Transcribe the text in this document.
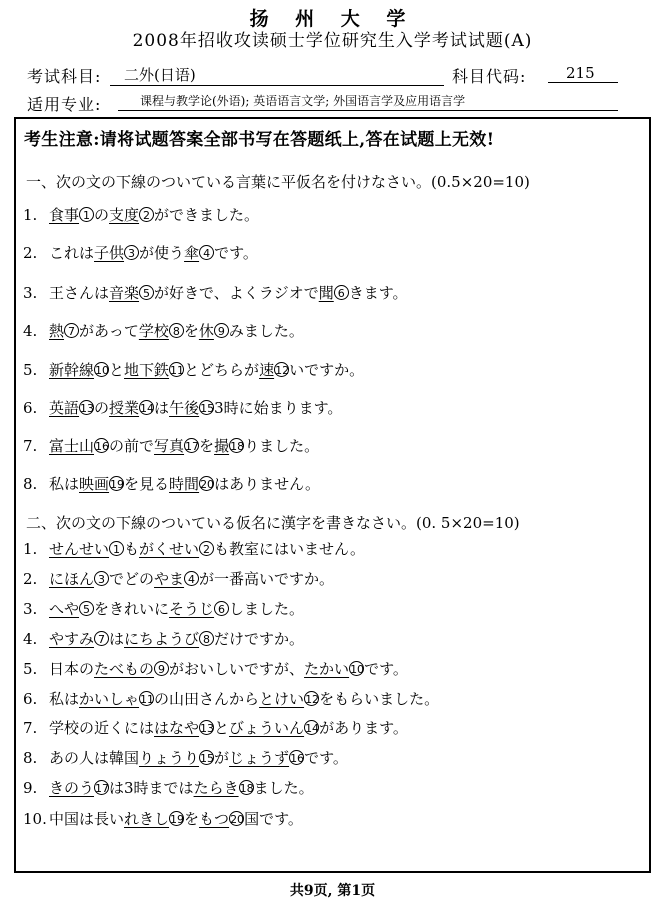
扬 州 大 学
2008年招收攻读硕士学位研究生入学考试试题(A)
考试科目:	二外(日语)	科目代码:	215
适用专业:	课程与教学论(外语); 英语语言文学; 外国语言学及应用语言学
考生注意:请将试题答案全部书写在答题纸上,答在试题上无效!
一、次の文の下線のついている言葉に平仮名を付けなさい。(0.5×20=10)
1. 食事 1 の支度 2 ができました。
2. これは子供 3 が使う傘 4 です。
3. 王さんは音楽 5 が好きで、よくラジオで聞 6 きます。
4. 熱 7 があって学校 8 を休 9 みました。
5. 新幹線10と地下鉄11とどちらが速12いですか。
6. 英語13の授業14は午後153時に始まります。
7. 富士山16の前で写真17を撮18りました。
8. 私は映画19を見る時間20はありません。
二、次の文の下線のついている仮名に漢字を書きなさい。(0. 5×20=10)
1. せんせい 1 もがくせい 2 も教室にはいません。
2. にほん 3 でどのやま 4 が一番高いですか。
3. へや 5 をきれいにそうじ 6 しました。
4. やすみ 7 はにちようび 8 だけですか。
5. 日本のたべもの 9 がおいしいですが、たかい10です。
6. 私はかいしゃ11の山田さんからとけい12をもらいました。
7. 学校の近くにははなや13とびょういん14があります。
8. あの人は韓国りょうり15がじょうず16です。
9. きのう17は3時まではたらき18ました。
10. 中国は長いれきし19をもつ20国です。
共9页, 第1页
